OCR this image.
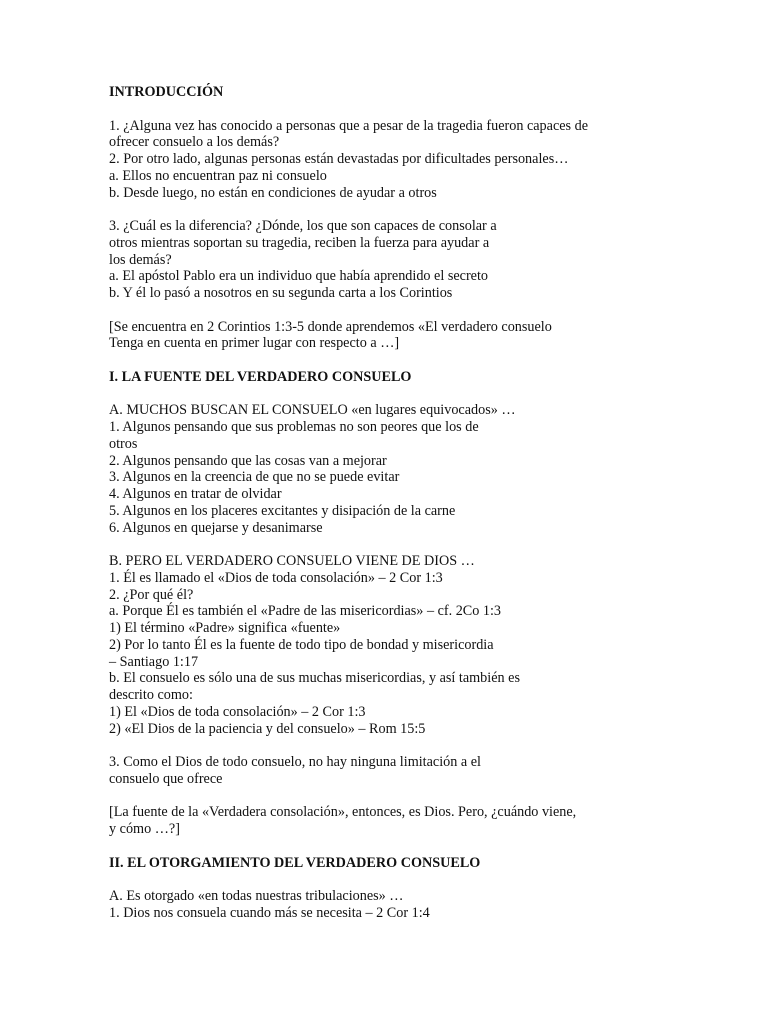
INTRODUCCIÓN
1. ¿Alguna vez has conocido a personas que a pesar de la tragedia fueron capaces de
ofrecer consuelo a los demás?
2. Por otro lado, algunas personas están devastadas por dificultades personales…
a. Ellos no encuentran paz ni consuelo
b. Desde luego, no están en condiciones de ayudar a otros
3. ¿Cuál es la diferencia? ¿Dónde, los que son capaces de consolar a
otros mientras soportan su tragedia, reciben la fuerza para ayudar a
los demás?
a. El apóstol Pablo era un individuo que había aprendido el secreto
b. Y él lo pasó a nosotros en su segunda carta a los Corintios
[Se encuentra en 2 Corintios 1:3-5 donde aprendemos «El verdadero consuelo
Tenga en cuenta en primer lugar con respecto a …]
I. LA FUENTE DEL VERDADERO CONSUELO
A. MUCHOS BUSCAN EL CONSUELO «en lugares equivocados» …
1. Algunos pensando que sus problemas no son peores que los de
otros
2. Algunos pensando que las cosas van a mejorar
3. Algunos en la creencia de que no se puede evitar
4. Algunos en tratar de olvidar
5. Algunos en los placeres excitantes y disipación de la carne
6. Algunos en quejarse y desanimarse
B. PERO EL VERDADERO CONSUELO VIENE DE DIOS …
1. Él es llamado el «Dios de toda consolación» – 2 Cor 1:3
2. ¿Por qué él?
a. Porque Él es también el «Padre de las misericordias» – cf. 2Co 1:3
1) El término «Padre» significa «fuente»
2) Por lo tanto Él es la fuente de todo tipo de bondad y misericordia
– Santiago 1:17
b. El consuelo es sólo una de sus muchas misericordias, y así también es
descrito como:
1) El «Dios de toda consolación» – 2 Cor 1:3
2) «El Dios de la paciencia y del consuelo» – Rom 15:5
3. Como el Dios de todo consuelo, no hay ninguna limitación a el
consuelo que ofrece
[La fuente de la «Verdadera consolación», entonces, es Dios. Pero, ¿cuándo viene,
y cómo …?]
II. EL OTORGAMIENTO DEL VERDADERO CONSUELO
A. Es otorgado «en todas nuestras tribulaciones» …
1. Dios nos consuela cuando más se necesita – 2 Cor 1:4
